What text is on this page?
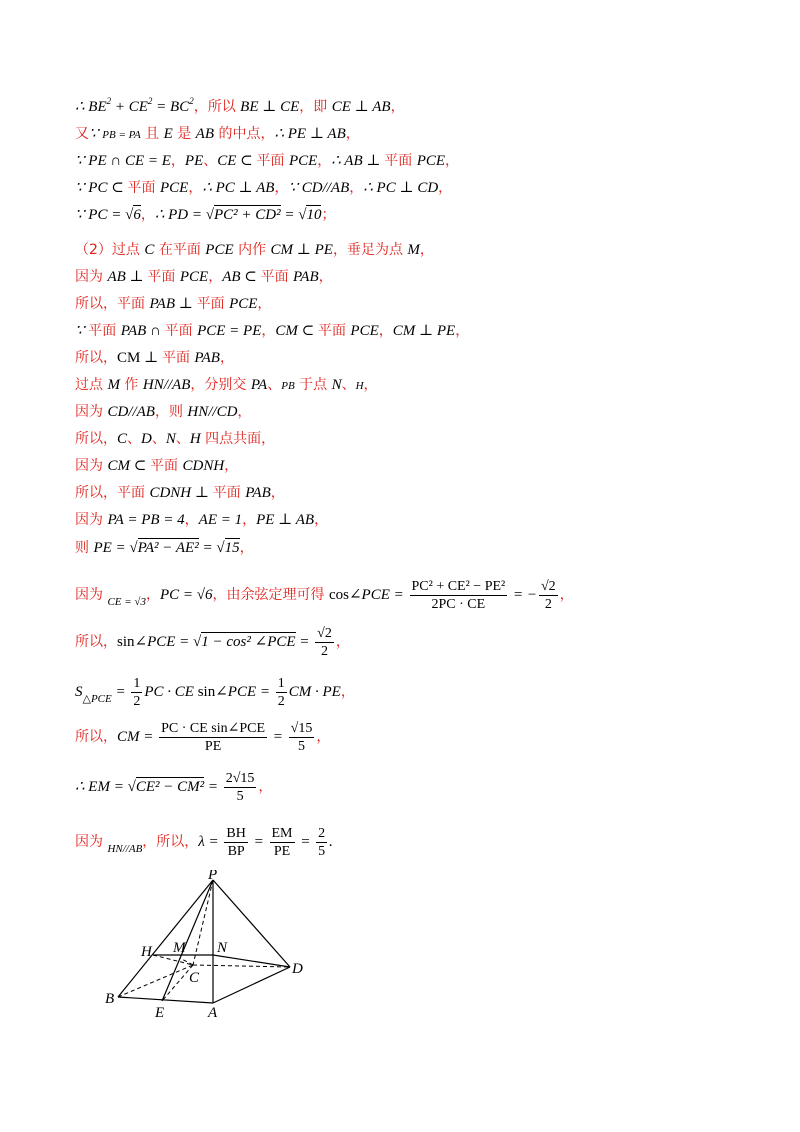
∴ $BE^2 + CE^2 = BC^2$，所以 BE ⊥ CE，即 CE ⊥ AB，
又∵ PB = PA 且 E 是 AB 的中点，∴ PE ⊥ AB，
∵ PE ∩ CE = E，PE、CE ⊂ 平面 PCE，∴ AB ⊥ 平面 PCE，
∵ PC ⊂ 平面 PCE，∴ PC ⊥ AB，∵ CD//AB，∴ PC ⊥ CD，
∵ PC = √6，∴ PD = √PC² + CD² = √10；
（2）过点 C 在平面 PCE 内作 CM ⊥ PE，垂足为点 M，
因为 AB ⊥ 平面 PCE，AB ⊂ 平面 PAB，
所以，平面 PAB ⊥ 平面 PCE，
∵ 平面 PAB ∩ 平面 PCE = PE，CM ⊂ 平面 PCE，CM ⊥ PE，
所以，CM ⊥ 平面 PAB，
过点 M 作 HN//AB，分别交 PA、PB 于点 N、H，
因为 CD//AB，则 HN//CD，
所以，C、D、N、H 四点共面，
因为 CM ⊂ 平面 CDNH，
所以，平面 CDNH ⊥ 平面 PAB，
因为 PA = PB = 4，AE = 1，PE ⊥ AB，
则 PE = √PA² − AE² = √15，
因为 $_{CE = √3}$，PC = √6，由余弦定理可得 cos∠PCE = $\frac{\text{PC² + CE² − PE²}}{2PC \cdot CE}$ = − $\frac{√2}{2}$ ，
所以，sin∠PCE = √1 − cos² ∠PCE = $\frac{√2}{2}$ ，
$S_{\triangle PCE} = \frac{1}{2}$ PC · CE sin∠PCE = $\frac{1}{2}$ CM · PE，
所以，CM = $\frac{\text{PC · CE sin∠PCE}}{PE} = \frac{√15}{5}$ ，
∴ EM = $√CE^2 - CM^2 = \frac{2√15}{5}$ ，
因为 $_{HN//AB}$，所以，$\lambda = \frac{BH}{BP} = \frac{EM}{PE} = \frac{2}{5}$ .
P
H M N
D
C
B
E	A
